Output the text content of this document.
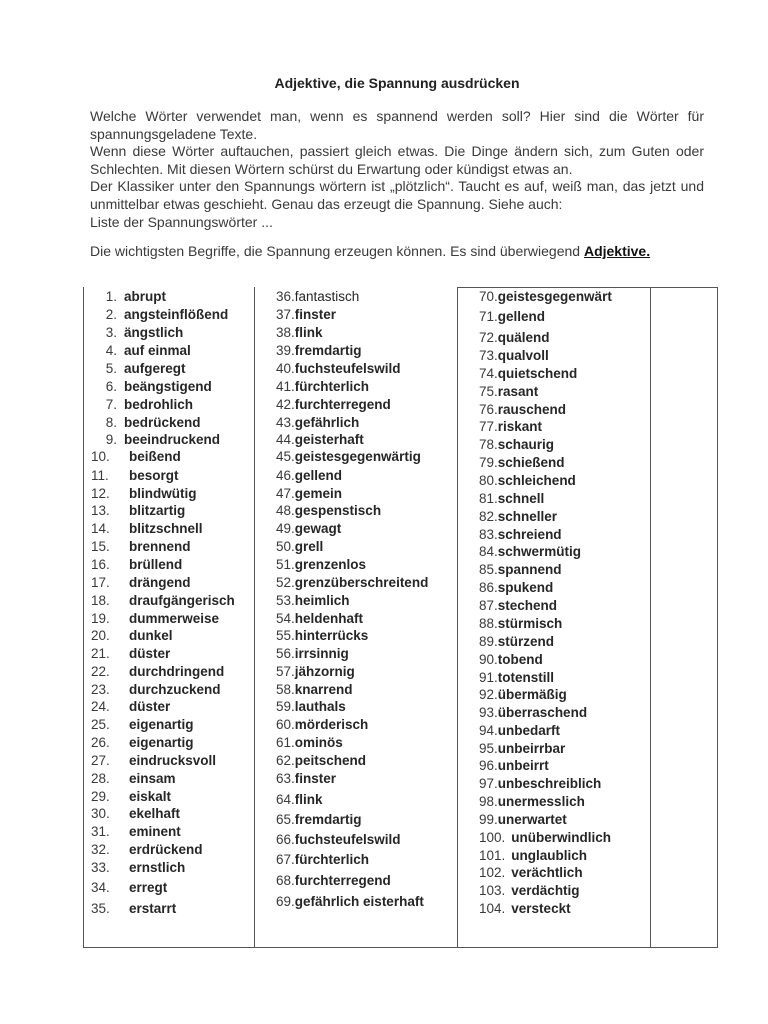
Adjektive, die Spannung ausdrücken

Welche Wörter verwendet man, wenn es spannend werden soll? Hier sind die Wörter für spannungsgeladene Texte.

Wenn diese Wörter auftauchen, passiert gleich etwas. Die Dinge ändern sich, zum Guten oder Schlechten. Mit diesen Wörtern schürst du Erwartung oder kündigst etwas an.

Der Klassiker unter den Spannungs wörtern ist „plötzlich“. Taucht es auf, weiß man, das jetzt und unmittelbar etwas geschieht. Genau das erzeugt die Spannung. Siehe auch:

Liste der Spannungswörter ...

Die wichtigsten Begriffe, die Spannung erzeugen können. Es sind überwiegend Adjektive.
1. abrupt
2. angsteinflößend
3. ängstlich
4. auf einmal
5. aufgeregt
6. beängstigend
7. bedrohlich
8. bedrückend
9. beeindruckend
10. beißend
11. besorgt
12. blindwütig
13. blitzartig
14. blitzschnell
15. brennend
16. brüllend
17. drängend
18. draufgängerisch
19. dummerweise
20. dunkel
21. düster
22. durchdringend
23. durchzuckend
24. düster
25. eigenartig
26. eigenartig
27. eindrucksvoll
28. einsam
29. eiskalt
30. ekelhaft
31. eminent
32. erdrückend
33. ernstlich
34. erregt
35. erstarrt
36.fantastisch
37.finster
38.flink
39.fremdartig
40.fuchsteufelswild
41.fürchterlich
42.furchterregend
43.gefährlich
44.geisterhaft
45.geistesgegenwärtig
46.gellend
47.gemein
48.gespenstisch
49.gewagt
50.grell
51.grenzenlos
52.grenzüberschreitend
53.heimlich
54.heldenhaft
55.hinterrücks
56.irrsinnig
57.jähzornig
58.knarrend
59.lauthals
60.mörderisch
61.ominös
62.peitschend
63.finster
64.flink
65.fremdartig
66.fuchsteufelswild
67.fürchterlich
68.furchterregend
69.gefährlich eisterhaft
70.geistesgegenwärt
71.gellend
72.quälend
73.qualvoll
74.quietschend
75.rasant
76.rauschend
77.riskant
78.schaurig
79.schießend
80.schleichend
81.schnell
82.schneller
83.schreiend
84.schwermütig
85.spannend
86.spukend
87.stechend
88.stürmisch
89.stürzend
90.tobend
91.totenstill
92.übermäßig
93.überraschend
94.unbedarft
95.unbeirrbar
96.unbeirrt
97.unbeschreiblich
98.unermesslich
99.unerwartet
100. unüberwindlich
101. unglaublich
102. verächtlich
103. verdächtig
104. versteckt
